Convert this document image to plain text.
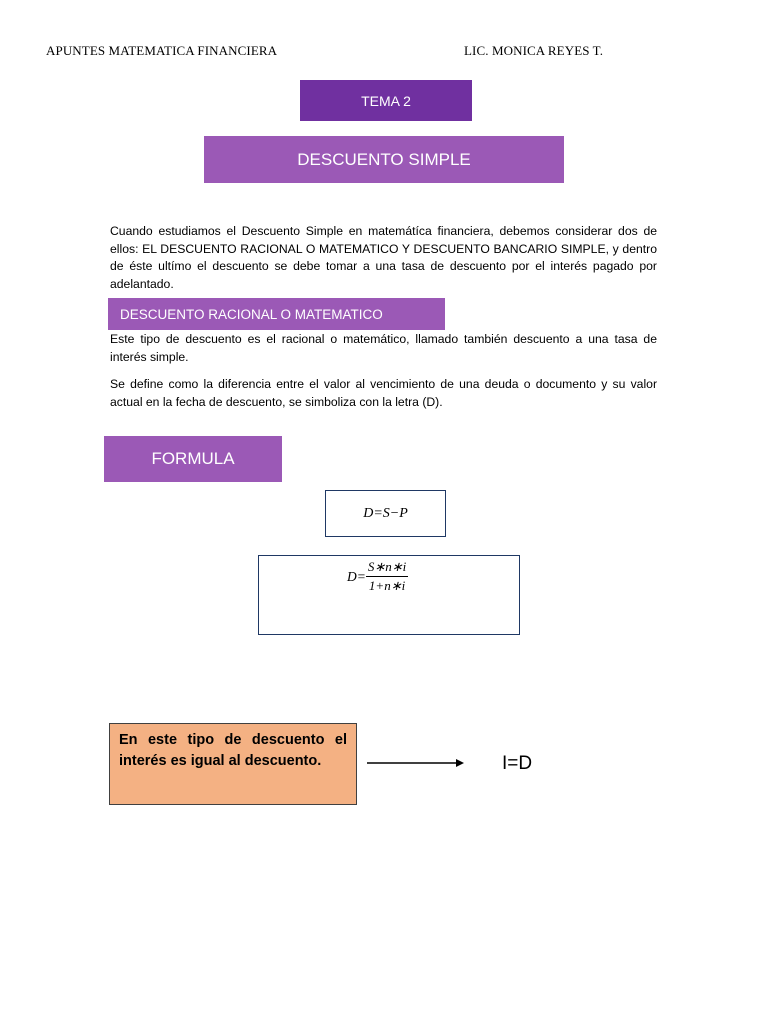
APUNTES MATEMATICA FINANCIERA	LIC. MONICA REYES T.
TEMA 2
DESCUENTO SIMPLE
Cuando estudiamos el Descuento Simple en matemátíca financiera, debemos considerar dos de ellos: EL DESCUENTO RACIONAL O MATEMATICO Y DESCUENTO BANCARIO SIMPLE, y dentro de éste ultímo el descuento se debe tomar a una tasa de descuento por el interés pagado por adelantado.
DESCUENTO RACIONAL O MATEMATICO
Este tipo de descuento es el racional o matemático, llamado también descuento a una tasa de interés simple.
Se define como la diferencia entre el valor al vencimiento de una deuda o documento y su valor actual en la fecha de descuento, se simboliza con la letra (D).
FORMULA
D=S−P
$D= \frac{S∗n∗i}{1+n∗i}$
En este tipo de descuento el interés es igual al descuento.	I=D
